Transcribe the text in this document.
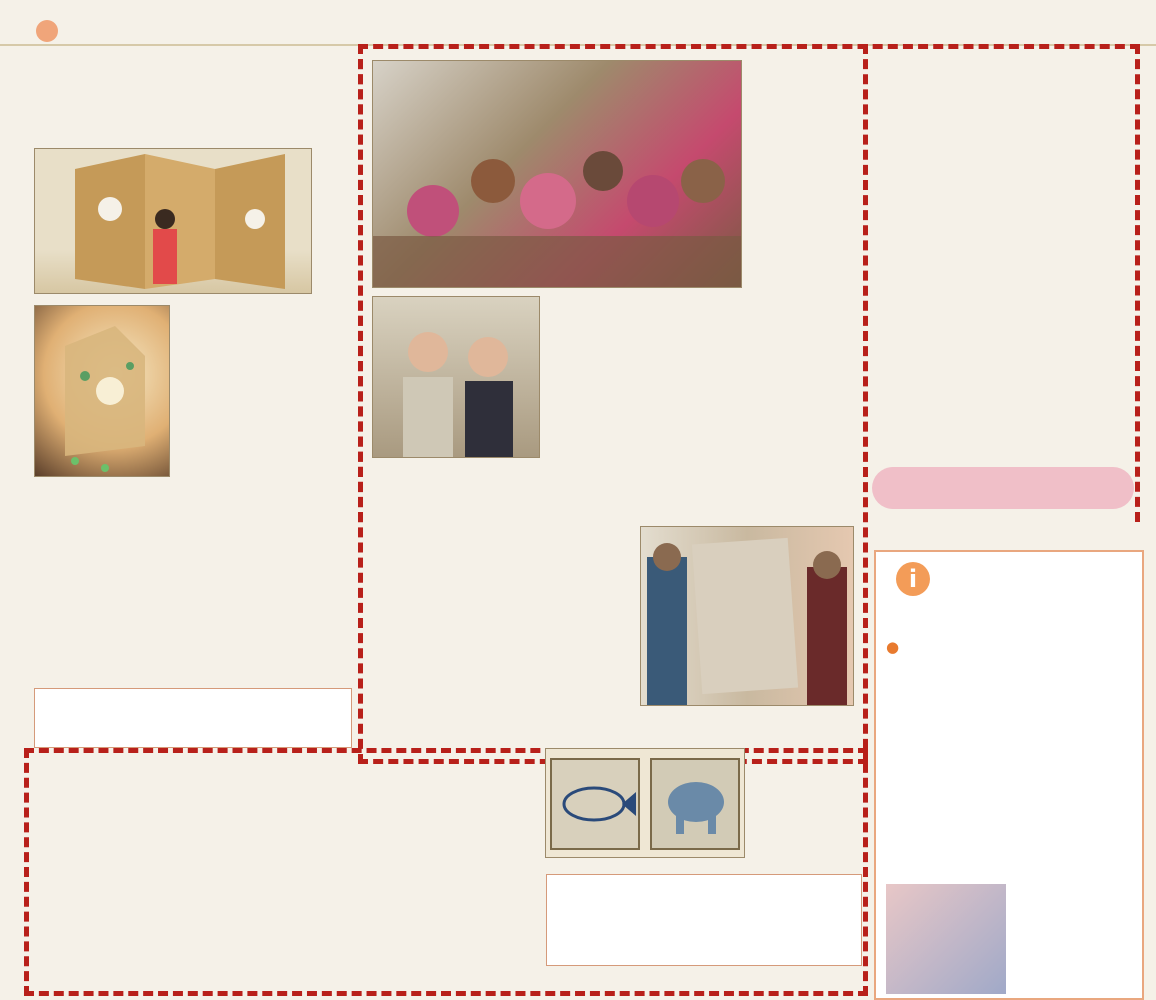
●
i
